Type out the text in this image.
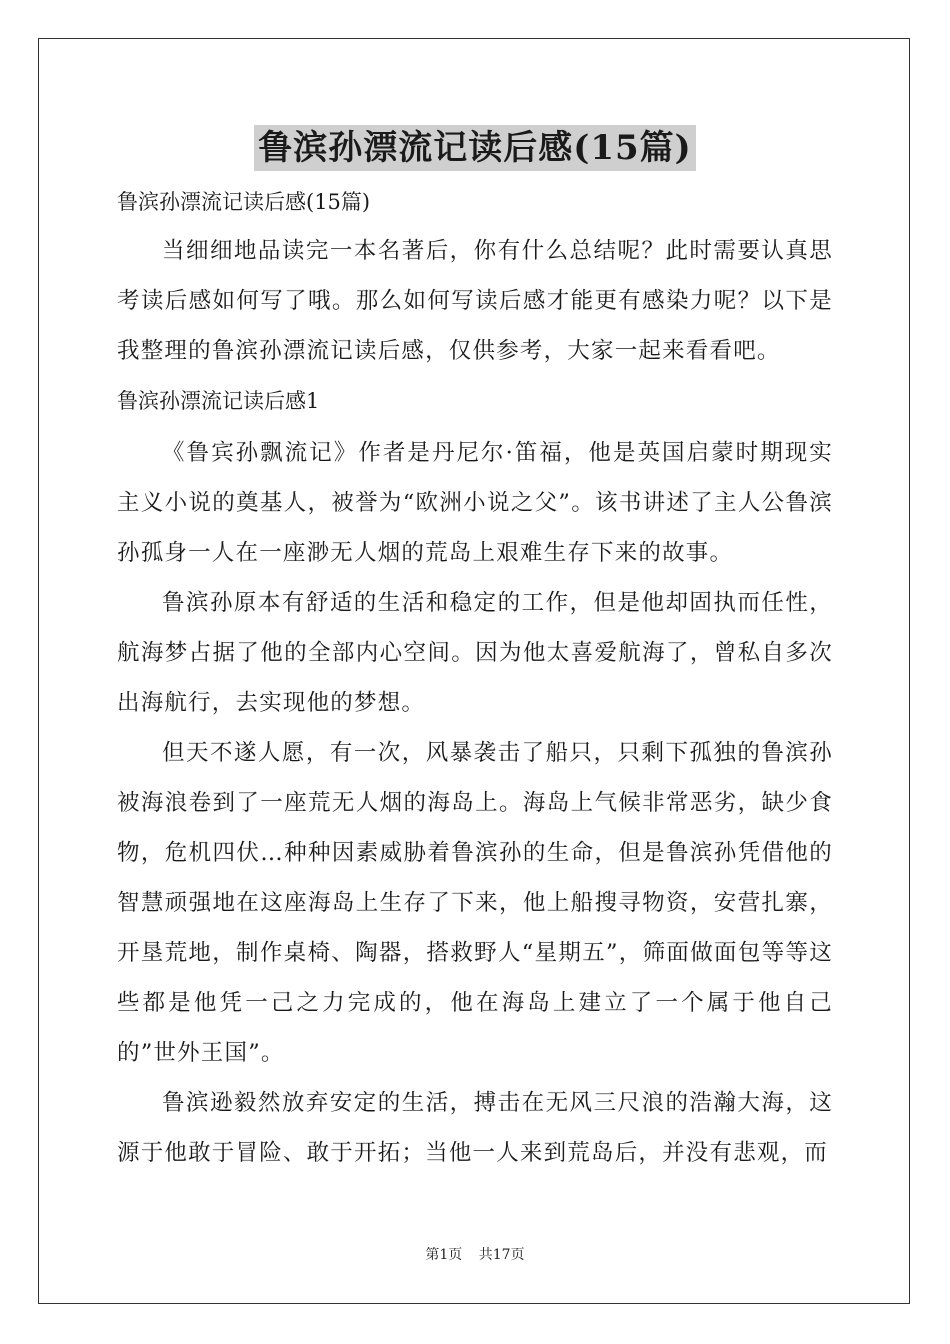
鲁滨孙漂流记读后感(15篇)

鲁滨孙漂流记读后感(15篇)

当细细地品读完一本名著后，你有什么总结呢？此时需要认真思考读后感如何写了哦。那么如何写读后感才能更有感染力呢？以下是我整理的鲁滨孙漂流记读后感，仅供参考，大家一起来看看吧。

鲁滨孙漂流记读后感1

《鲁宾孙飘流记》作者是丹尼尔·笛福，他是英国启蒙时期现实主义小说的奠基人，被誉为“欧洲小说之父”。该书讲述了主人公鲁滨孙孤身一人在一座渺无人烟的荒岛上艰难生存下来的故事。

鲁滨孙原本有舒适的生活和稳定的工作，但是他却固执而任性，航海梦占据了他的全部内心空间。因为他太喜爱航海了，曾私自多次出海航行，去实现他的梦想。

但天不遂人愿，有一次，风暴袭击了船只，只剩下孤独的鲁滨孙被海浪卷到了一座荒无人烟的海岛上。海岛上气候非常恶劣，缺少食物，危机四伏…种种因素威胁着鲁滨孙的生命，但是鲁滨孙凭借他的智慧顽强地在这座海岛上生存了下来，他上船搜寻物资，安营扎寨，开垦荒地，制作桌椅、陶器，搭救野人“星期五”，筛面做面包等等这些都是他凭一己之力完成的，他在海岛上建立了一个属于他自己的”世外王国”。

鲁滨逊毅然放弃安定的生活，搏击在无风三尺浪的浩瀚大海，这源于他敢于冒险、敢于开拓；当他一人来到荒岛后，并没有悲观，而

第1页 共17页
